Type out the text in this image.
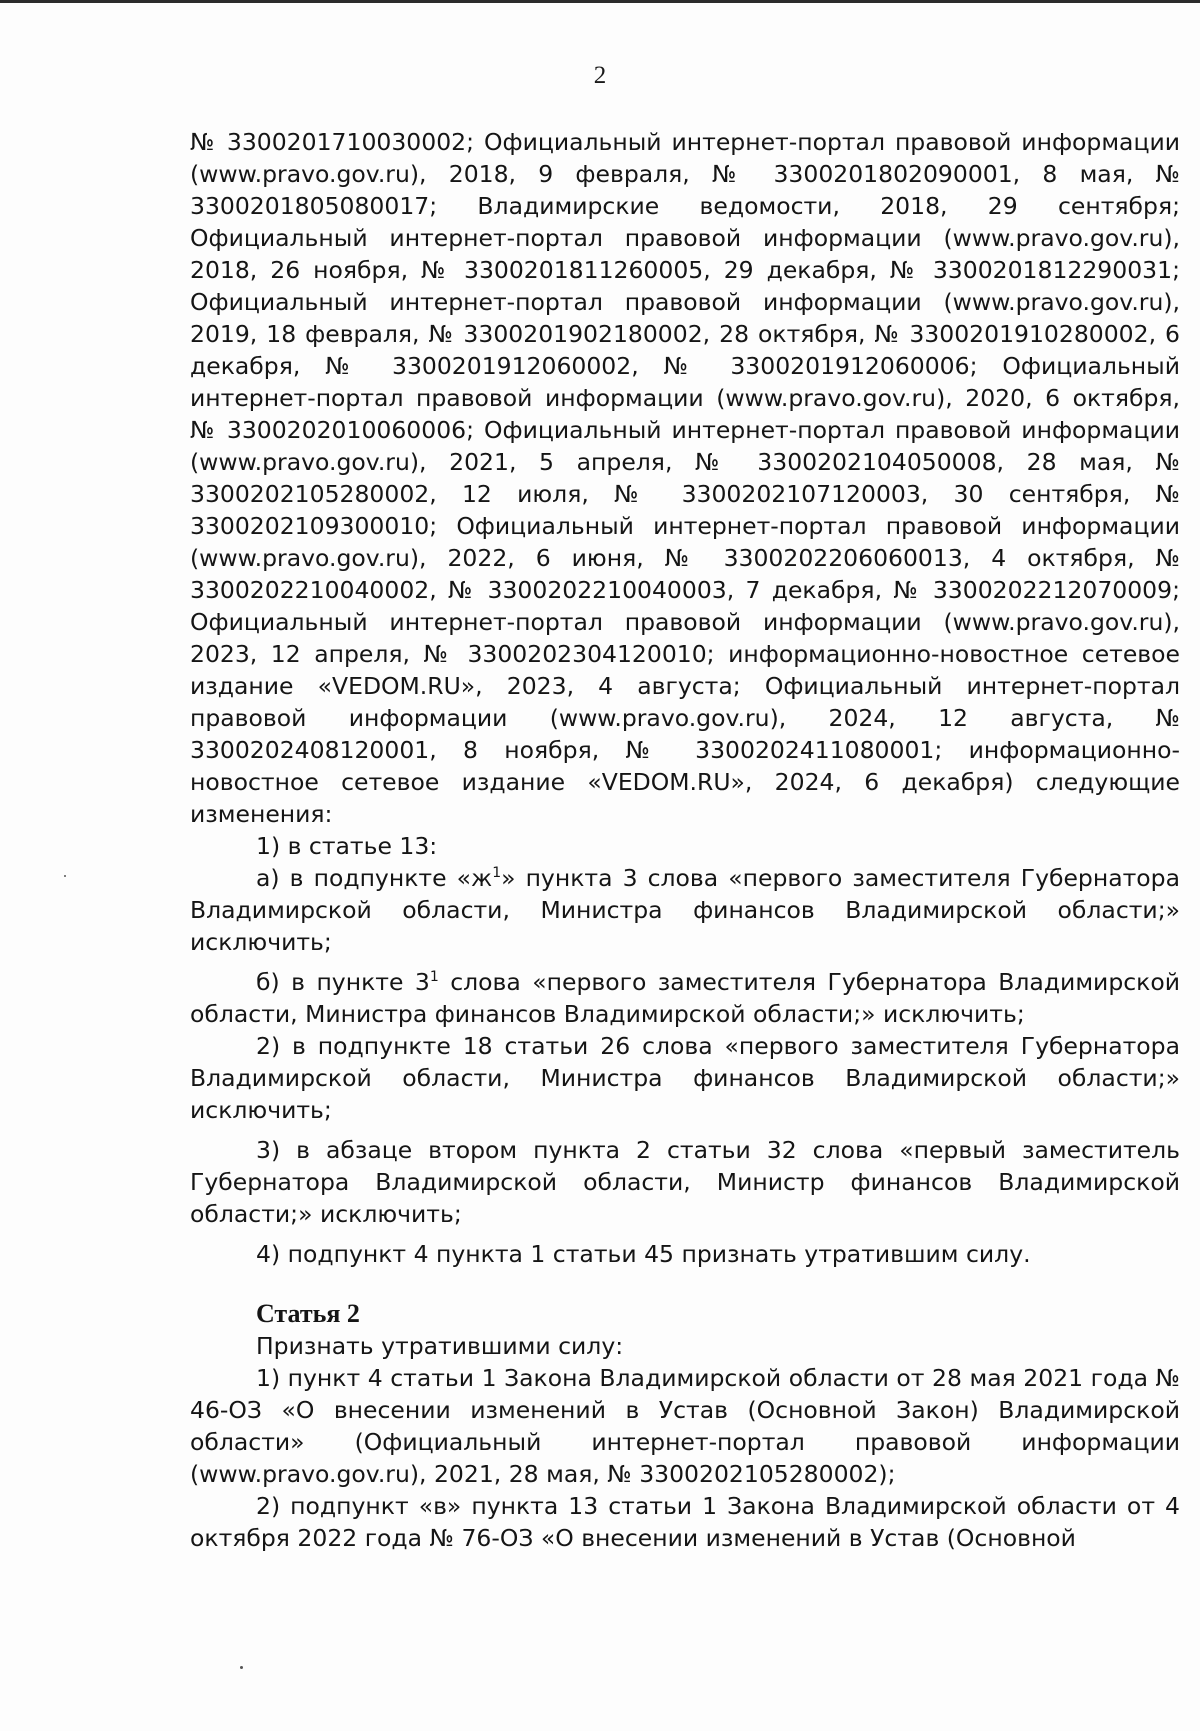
2

№ 3300201710030002; Официальный интернет-портал правовой информации (www.pravo.gov.ru), 2018, 9 февраля, № 3300201802090001, 8 мая, № 3300201805080017; Владимирские ведомости, 2018, 29 сентября; Официальный интернет-портал правовой информации (www.pravo.gov.ru), 2018, 26 ноября, № 3300201811260005, 29 декабря, № 3300201812290031; Официальный интернет-портал правовой информации (www.pravo.gov.ru), 2019, 18 февраля, № 3300201902180002, 28 октября, № 3300201910280002, 6 декабря, № 3300201912060002, № 3300201912060006; Официальный интернет-портал правовой информации (www.pravo.gov.ru), 2020, 6 октября, № 3300202010060006; Официальный интернет-портал правовой информации (www.pravo.gov.ru), 2021, 5 апреля, № 3300202104050008, 28 мая, № 3300202105280002, 12 июля, № 3300202107120003, 30 сентября, № 3300202109300010; Официальный интернет-портал правовой информации (www.pravo.gov.ru), 2022, 6 июня, № 3300202206060013, 4 октября, № 3300202210040002, № 3300202210040003, 7 декабря, № 3300202212070009; Официальный интернет-портал правовой информации (www.pravo.gov.ru), 2023, 12 апреля, № 3300202304120010; информационно-новостное сетевое издание «VEDOM.RU», 2023, 4 августа; Официальный интернет-портал правовой информации (www.pravo.gov.ru), 2024, 12 августа, № 3300202408120001, 8 ноября, № 3300202411080001; информационно-новостное сетевое издание «VEDOM.RU», 2024, 6 декабря) следующие изменения:

1) в статье 13:

а) в подпункте «$ж^1$» пункта 3 слова «первого заместителя Губернатора Владимирской области, Министра финансов Владимирской области;» исключить;

б) в пункте $3^1$ слова «первого заместителя Губернатора Владимирской области, Министра финансов Владимирской области;» исключить;

2) в подпункте 18 статьи 26 слова «первого заместителя Губернатора Владимирской области, Министра финансов Владимирской области;» исключить;

3) в абзаце втором пункта 2 статьи 32 слова «первый заместитель Губернатора Владимирской области, Министр финансов Владимирской области;» исключить;

4) подпункт 4 пункта 1 статьи 45 признать утратившим силу.

Статья 2

Признать утратившими силу:

1) пункт 4 статьи 1 Закона Владимирской области от 28 мая 2021 года № 46-ОЗ «О внесении изменений в Устав (Основной Закон) Владимирской области» (Официальный интернет-портал правовой информации (www.pravo.gov.ru), 2021, 28 мая, № 3300202105280002);

2) подпункт «в» пункта 13 статьи 1 Закона Владимирской области от 4 октября 2022 года № 76-ОЗ «О внесении изменений в Устав (Основной
